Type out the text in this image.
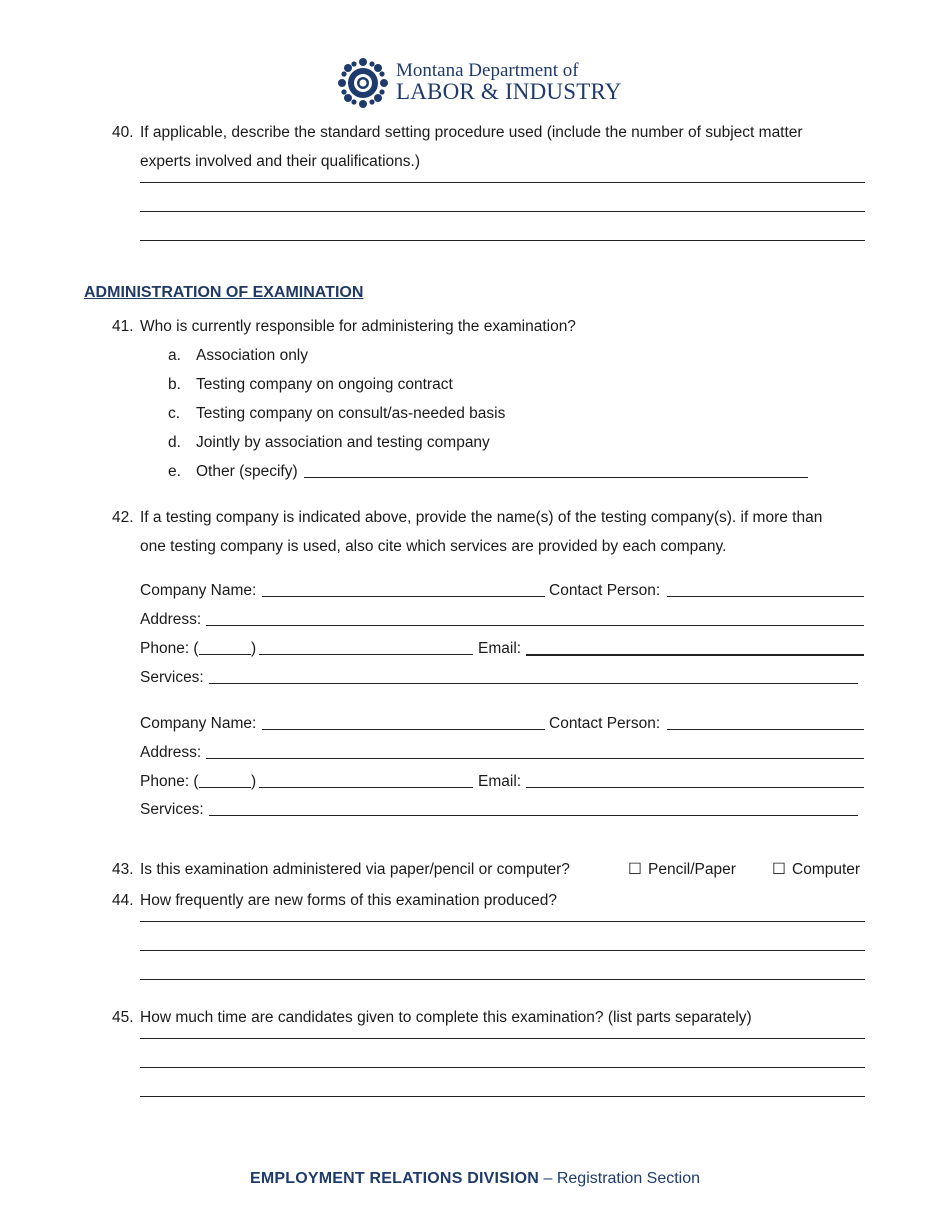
Montana Department of
LABOR & INDUSTRY
40. If applicable, describe the standard setting procedure used (include the number of subject matter
experts involved and their qualifications.)
ADMINISTRATION OF EXAMINATION
41. Who is currently responsible for administering the examination?
a. Association only
b. Testing company on ongoing contract
c. Testing company on consult/as-needed basis
d. Jointly by association and testing company
e. Other (specify)
42. If a testing company is indicated above, provide the name(s) of the testing company(s). if more than
one testing company is used, also cite which services are provided by each company.
Company Name:	Contact Person:
Address:
Phone: (	)	Email:
Services:
Company Name:	Contact Person:
Address:
Phone: (	)	Email:
Services:
43. Is this examination administered via paper/pencil or computer?	☐ Pencil/Paper ☐ Computer
44. How frequently are new forms of this examination produced?
45. How much time are candidates given to complete this examination? (list parts separately)
EMPLOYMENT RELATIONS DIVISION – Registration Section
